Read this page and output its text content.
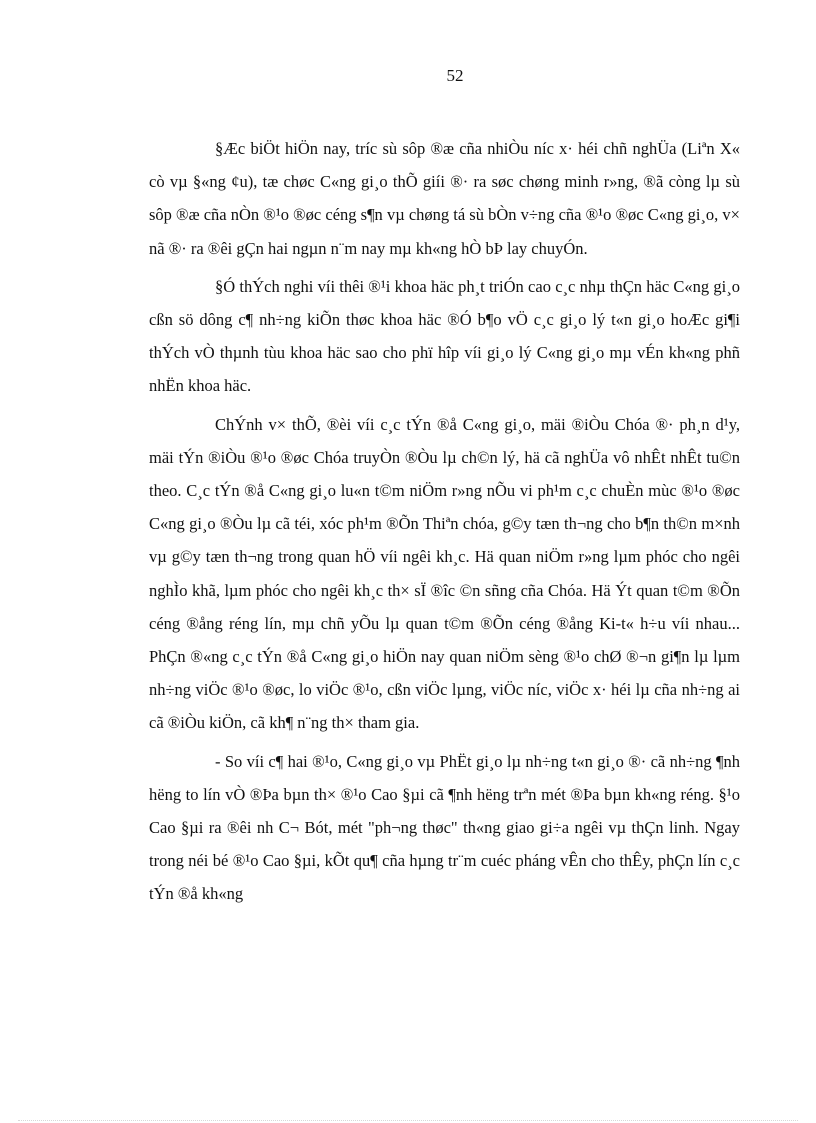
52

§Æc biÖt hiÖn nay, tríc sù sôp ®æ cña nhiÒu níc x· héi chñ nghÜa (Liªn X« cò vµ §«ng ¢u), tæ chøc C«ng gi¸o thÕ giíi ®· ra søc chøng minh r»ng, ®ã còng lµ sù sôp ®æ cña nÒn ®¹o ®øc céng s¶n vµ chøng tá sù bÒn v÷ng cña ®¹o ®øc C«ng gi¸o, v× nã ®· ra ®êi gÇn hai ngµn n¨m nay mµ kh«ng hÒ bÞ lay chuyÓn.

§Ó thÝch nghi víi thêi ®¹i khoa häc ph¸t triÓn cao c¸c nhµ thÇn häc C«ng gi¸o cßn sö dông c¶ nh÷ng kiÕn thøc khoa häc ®Ó b¶o vÖ c¸c gi¸o lý t«n gi¸o hoÆc gi¶i thÝch vÒ thµnh tùu khoa häc sao cho phï hîp víi gi¸o lý C«ng gi¸o mµ vÉn kh«ng phñ nhËn khoa häc.

ChÝnh v× thÕ, ®èi víi c¸c tÝn ®å C«ng gi¸o, mäi ®iÒu Chóa ®· ph¸n d¹y, mäi tÝn ®iÒu ®¹o ®øc Chóa truyÒn ®Òu lµ ch©n lý, hä cã nghÜa vô nhÊt nhÊt tu©n theo. C¸c tÝn ®å C«ng gi¸o lu«n t©m niÖm r»ng nÕu vi ph¹m c¸c chuÈn mùc ®¹o ®øc C«ng gi¸o ®Òu lµ cã téi, xóc ph¹m ®Õn Thiªn chóa, g©y tæn th¬ng cho b¶n th©n m×nh vµ g©y tæn th¬ng trong quan hÖ víi ngêi kh¸c. Hä quan niÖm r»ng lµm phóc cho ngêi nghÌo khã, lµm phóc cho ngêi kh¸c th× sÏ ®îc ©n sñng cña Chóa. Hä Ýt quan t©m ®Õn céng ®ång réng lín, mµ chñ yÕu lµ quan t©m ®Õn céng ®ång Ki-t« h÷u víi nhau... PhÇn ®«ng c¸c tÝn ®å C«ng gi¸o hiÖn nay quan niÖm sèng ®¹o chØ ®¬n gi¶n lµ lµm nh÷ng viÖc ®¹o ®øc, lo viÖc ®¹o, cßn viÖc lµng, viÖc níc, viÖc x· héi lµ cña nh÷ng ai cã ®iÒu kiÖn, cã kh¶ n¨ng th× tham gia.

- So víi c¶ hai ®¹o, C«ng gi¸o vµ PhËt gi¸o lµ nh÷ng t«n gi¸o ®· cã nh÷ng ¶nh hëng to lín vÒ ®Þa bµn th× ®¹o Cao §µi cã ¶nh hëng trªn mét ®Þa bµn kh«ng réng. §¹o Cao §µi ra ®êi nh C¬ Bót, mét "ph¬ng thøc" th«ng giao gi÷a ngêi vµ thÇn linh. Ngay trong néi bé ®¹o Cao §µi, kÕt qu¶ cña hµng tr¨m cuéc pháng vÊn cho thÊy, phÇn lín c¸c tÝn ®å kh«ng
